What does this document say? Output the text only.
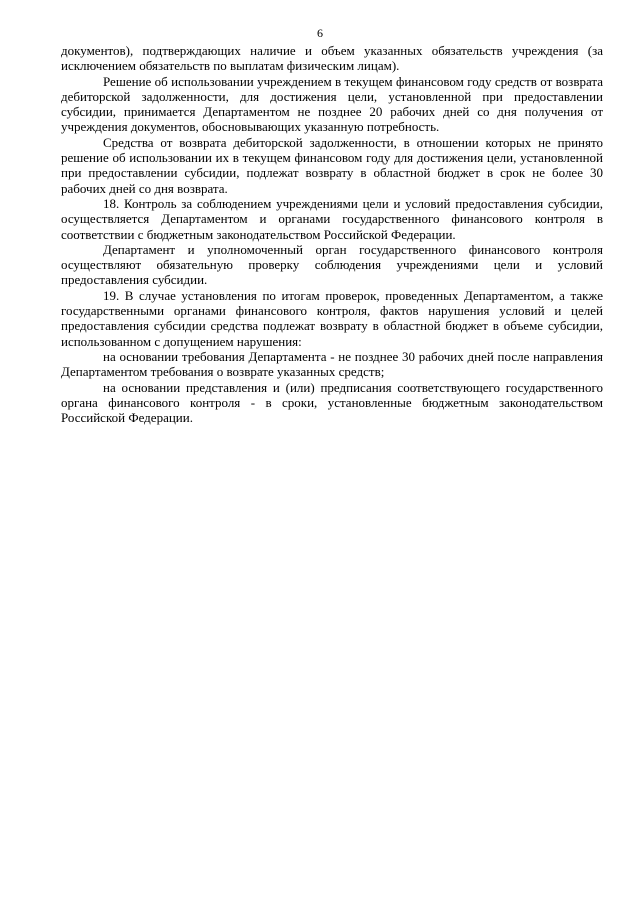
6

документов), подтверждающих наличие и объем указанных обязательств учреждения (за исключением обязательств по выплатам физическим лицам).

Решение об использовании учреждением в текущем финансовом году средств от возврата дебиторской задолженности, для достижения цели, установленной при предоставлении субсидии, принимается Департаментом не позднее 20 рабочих дней со дня получения от учреждения документов, обосновывающих указанную потребность.

Средства от возврата дебиторской задолженности, в отношении которых не принято решение об использовании их в текущем финансовом году для достижения цели, установленной при предоставлении субсидии, подлежат возврату в областной бюджет в срок не более 30 рабочих дней со дня возврата.

18. Контроль за соблюдением учреждениями цели и условий предоставления субсидии, осуществляется Департаментом и органами государственного финансового контроля в соответствии с бюджетным законодательством Российской Федерации.

Департамент и уполномоченный орган государственного финансового контроля осуществляют обязательную проверку соблюдения учреждениями цели и условий предоставления субсидии.

19. В случае установления по итогам проверок, проведенных Департаментом, а также государственными органами финансового контроля, фактов нарушения условий и целей предоставления субсидии средства подлежат возврату в областной бюджет в объеме субсидии, использованном с допущением нарушения:

на основании требования Департамента - не позднее 30 рабочих дней после направления Департаментом требования о возврате указанных средств;

на основании представления и (или) предписания соответствующего государственного органа финансового контроля - в сроки, установленные бюджетным законодательством Российской Федерации.
